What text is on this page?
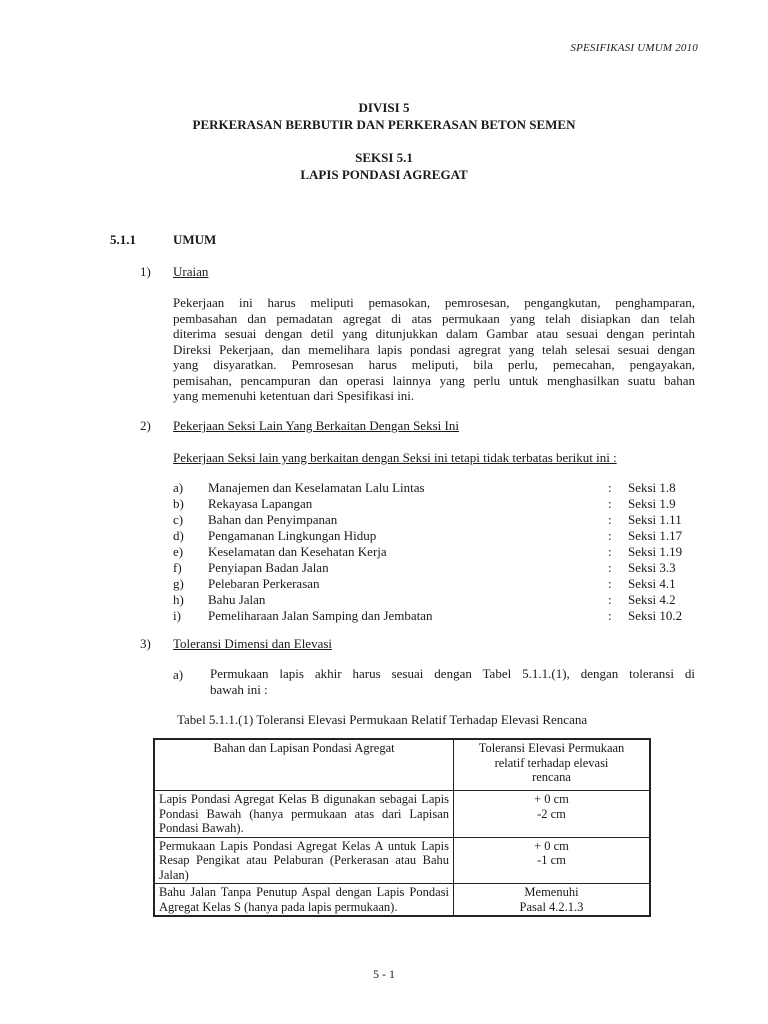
SPESIFIKASI UMUM 2010
DIVISI 5
PERKERASAN BERBUTIR DAN PERKERASAN BETON SEMEN
SEKSI 5.1
LAPIS PONDASI AGREGAT
5.1.1	UMUM
1) Uraian
Pekerjaan ini harus meliputi pemasokan, pemrosesan, pengangkutan, penghamparan,
pembasahan dan pemadatan agregat di atas permukaan yang telah disiapkan dan telah
diterima sesuai dengan detil yang ditunjukkan dalam Gambar atau sesuai dengan perintah
Direksi Pekerjaan, dan memelihara lapis pondasi agregrat yang telah selesai sesuai dengan
yang disyaratkan. Pemrosesan harus meliputi, bila perlu, pemecahan, pengayakan,
pemisahan, pencampuran dan operasi lainnya yang perlu untuk menghasilkan suatu bahan
yang memenuhi ketentuan dari Spesifikasi ini.
2) Pekerjaan Seksi Lain Yang Berkaitan Dengan Seksi Ini
Pekerjaan Seksi lain yang berkaitan dengan Seksi ini tetapi tidak terbatas berikut ini :
a) Manajemen dan Keselamatan Lalu Lintas	: Seksi 1.8
b) Rekayasa Lapangan	: Seksi 1.9
c) Bahan dan Penyimpanan	: Seksi 1.11
d) Pengamanan Lingkungan Hidup	: Seksi 1.17
e) Keselamatan dan Kesehatan Kerja	: Seksi 1.19
f) Penyiapan Badan Jalan	: Seksi 3.3
g) Pelebaran Perkerasan	: Seksi 4.1
h) Bahu Jalan	: Seksi 4.2
i) Pemeliharaan Jalan Samping dan Jembatan	: Seksi 10.2
3) Toleransi Dimensi dan Elevasi
a) Permukaan lapis akhir harus sesuai dengan Tabel 5.1.1.(1), dengan toleransi di
bawah ini :
Tabel 5.1.1.(1) Toleransi Elevasi Permukaan Relatif Terhadap Elevasi Rencana
Bahan dan Lapisan Pondasi Agregat	Toleransi Elevasi Permukaan
relatif terhadap elevasi
rencana

Lapis Pondasi Agregat Kelas B digunakan sebagai Lapis Pondasi Bawah (hanya permukaan atas dari Lapisan Pondasi Bawah).	+ 0 cm
-2 cm

Permukaan Lapis Pondasi Agregat Kelas A untuk Lapis Resap Pengikat atau Pelaburan (Perkerasan atau Bahu Jalan)	+ 0 cm
-1 cm

Bahu Jalan Tanpa Penutup Aspal dengan Lapis Pondasi Agregat Kelas S (hanya pada lapis permukaan).	Memenuhi
Pasal 4.2.1.3
5 - 1
